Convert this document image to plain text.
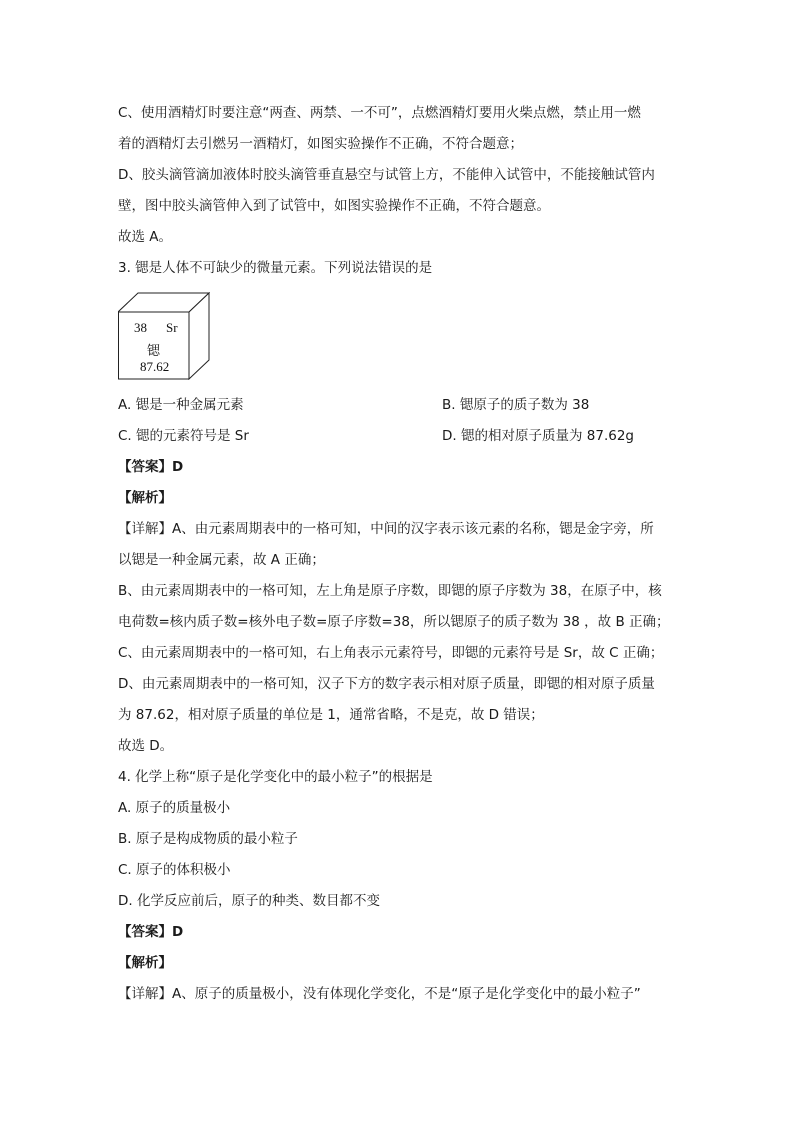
C、使用酒精灯时要注意“两查、两禁、一不可”，点燃酒精灯要用火柴点燃，禁止用一燃
着的酒精灯去引燃另一酒精灯，如图实验操作不正确，不符合题意；
D、胶头滴管滴加液体时胶头滴管垂直悬空与试管上方，不能伸入试管中，不能接触试管内
壁，图中胶头滴管伸入到了试管中，如图实验操作不正确，不符合题意。
故选 A。
3. 锶是人体不可缺少的微量元素。下列说法错误的是
38 Sr
锶
87.62
A. 锶是一种金属元素	B. 锶原子的质子数为 38
C. 锶的元素符号是 Sr	D. 锶的相对原子质量为 87.62g
【答案】D
【解析】
【详解】A、由元素周期表中的一格可知，中间的汉字表示该元素的名称，锶是金字旁，所
以锶是一种金属元素，故 A 正确；
B、由元素周期表中的一格可知，左上角是原子序数，即锶的原子序数为 38，在原子中，核
电荷数=核内质子数=核外电子数=原子序数=38，所以锶原子的质子数为 38 ，故 B 正确；
C、由元素周期表中的一格可知，右上角表示元素符号，即锶的元素符号是 Sr，故 C 正确；
D、由元素周期表中的一格可知，汉子下方的数字表示相对原子质量，即锶的相对原子质量
为 87.62，相对原子质量的单位是 1，通常省略，不是克，故 D 错误；
故选 D。
4. 化学上称“原子是化学变化中的最小粒子”的根据是
A. 原子的质量极小
B. 原子是构成物质的最小粒子
C. 原子的体积极小
D. 化学反应前后，原子的种类、数目都不变
【答案】D
【解析】
【详解】A、原子的质量极小，没有体现化学变化，不是“原子是化学变化中的最小粒子”
